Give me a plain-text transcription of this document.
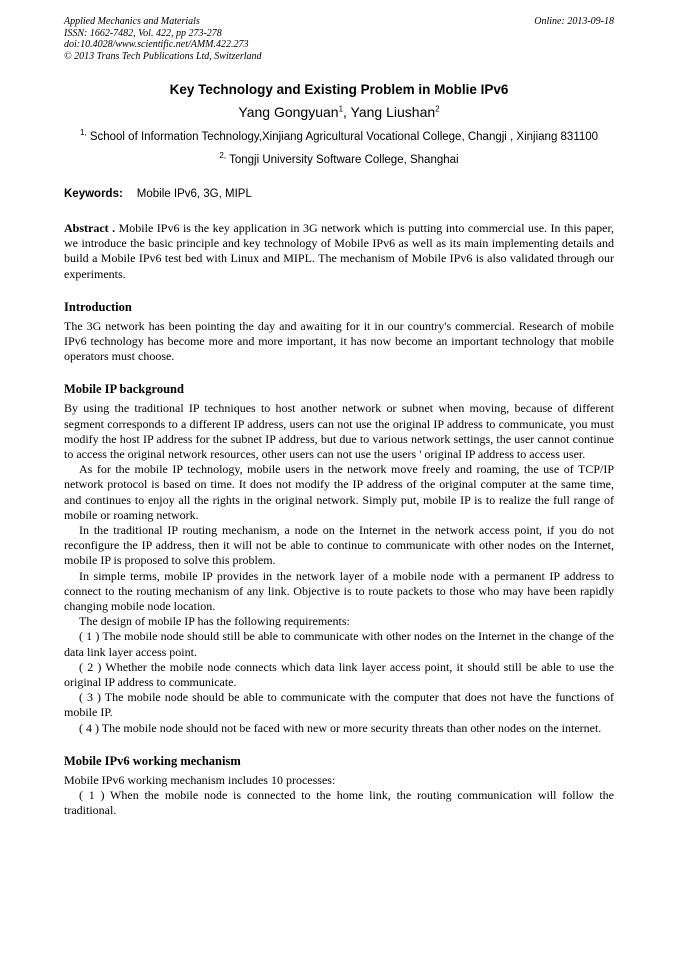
Applied Mechanics and Materials
ISSN: 1662-7482, Vol. 422, pp 273-278
doi:10.4028/www.scientific.net/AMM.422.273
© 2013 Trans Tech Publications Ltd, Switzerland
Online: 2013-09-18
Key Technology and Existing Problem in Moblie IPv6
Yang Gongyuan$^1$, Yang Liushan$^2$
$^{1,}$ School of Information Technology,Xinjiang Agricultural Vocational College, Changji , Xinjiang 831100
$^{2,}$ Tongji University Software College, Shanghai
Keywords: Mobile IPv6, 3G, MIPL
Abstract . Mobile IPv6 is the key application in 3G network which is putting into commercial use. In this paper, we introduce the basic principle and key technology of Mobile IPv6 as well as its main implementing details and build a Mobile IPv6 test bed with Linux and MIPL. The mechanism of Mobile IPv6 is also validated through our experiments.
Introduction

The 3G network has been pointing the day and awaiting for it in our country's commercial. Research of mobile IPv6 technology has become more and more important, it has now become an important technology that mobile operators must choose.

Mobile IP background

By using the traditional IP techniques to host another network or subnet when moving, because of different segment corresponds to a different IP address, users can not use the original IP address to communicate, you must modify the host IP address for the subnet IP address, but due to various network settings, the user cannot continue to access the original network resources, other users can not use the users ' original IP address to access user.

As for the mobile IP technology, mobile users in the network move freely and roaming, the use of TCP/IP network protocol is based on time. It does not modify the IP address of the original computer at the same time, and continues to enjoy all the rights in the original network. Simply put, mobile IP is to realize the full range of mobile or roaming network.

In the traditional IP routing mechanism, a node on the Internet in the network access point, if you do not reconfigure the IP address, then it will not be able to continue to communicate with other nodes on the Internet, mobile IP is proposed to solve this problem.

In simple terms, mobile IP provides in the network layer of a mobile node with a permanent IP address to connect to the routing mechanism of any link. Objective is to route packets to those who may have been rapidly changing mobile node location.

The design of mobile IP has the following requirements:

( 1 ) The mobile node should still be able to communicate with other nodes on the Internet in the change of the data link layer access point.

( 2 ) Whether the mobile node connects which data link layer access point, it should still be able to use the original IP address to communicate.

( 3 ) The mobile node should be able to communicate with the computer that does not have the functions of mobile IP.

( 4 ) The mobile node should not be faced with new or more security threats than other nodes on the internet.

Mobile IPv6 working mechanism

Mobile IPv6 working mechanism includes 10 processes:

( 1 ) When the mobile node is connected to the home link, the routing communication will follow the traditional.
